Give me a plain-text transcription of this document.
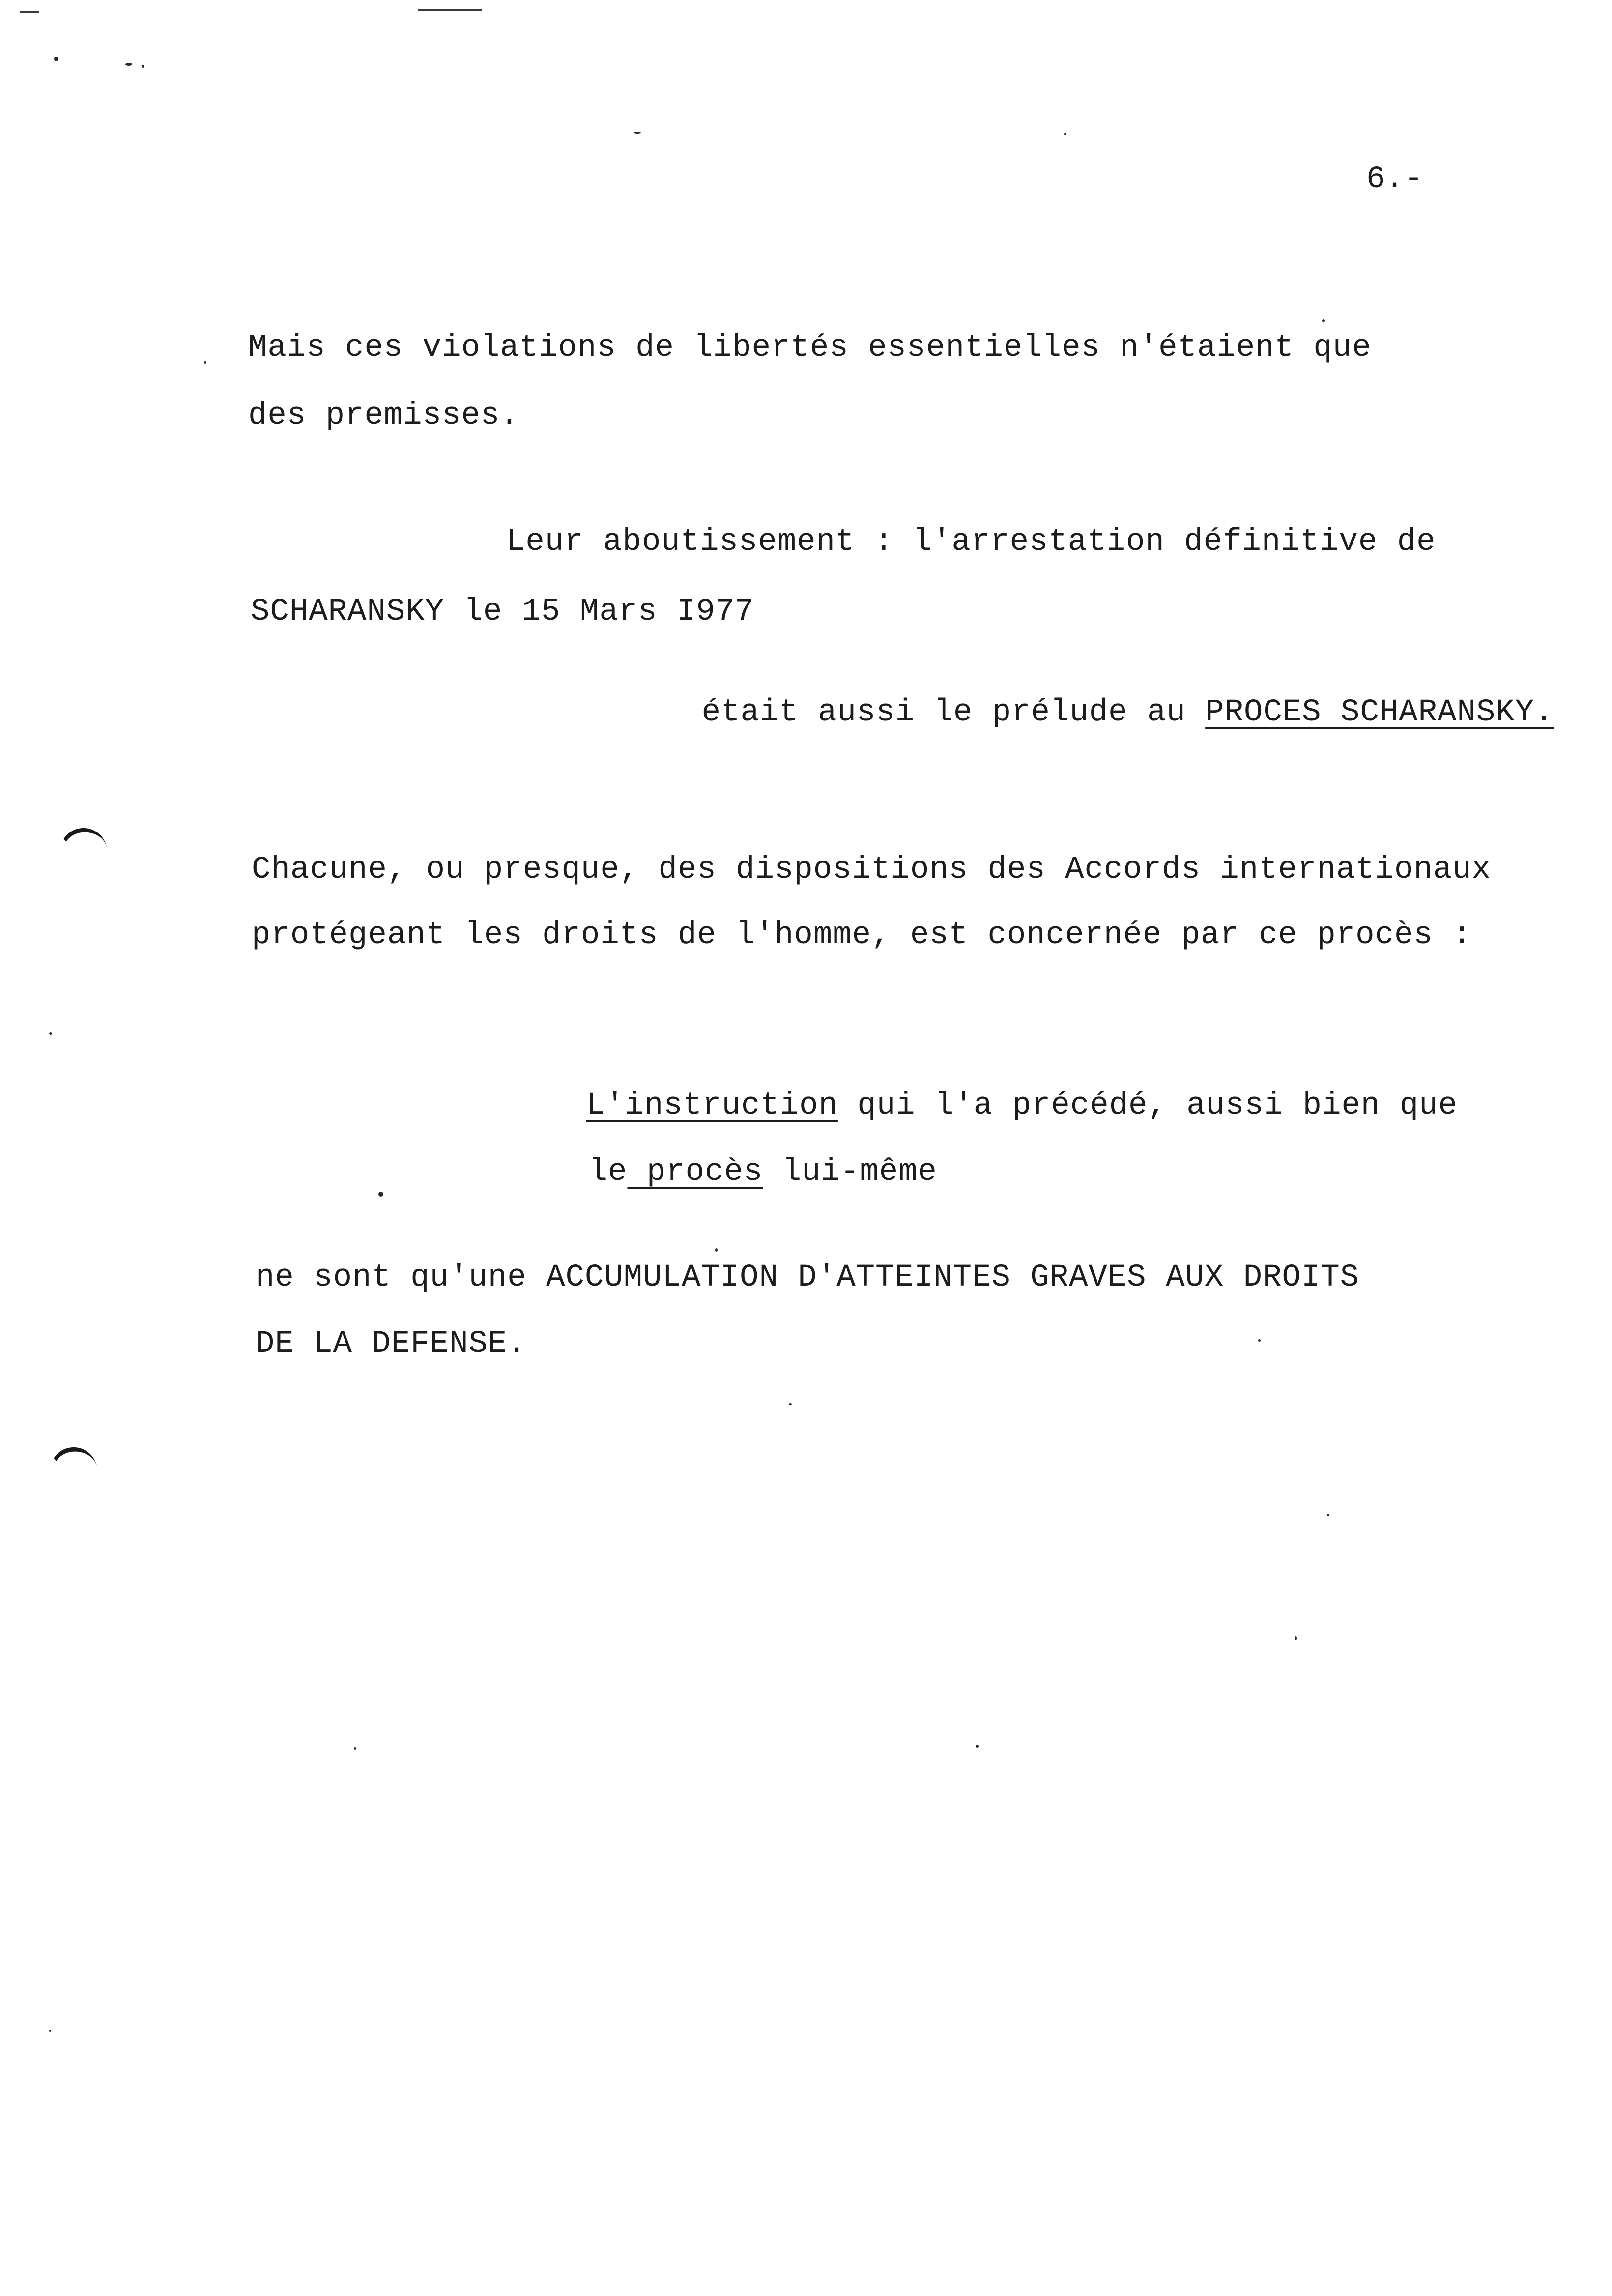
6.-
Mais ces violations de libertés essentielles n'étaient que
des premisses.
Leur aboutissement : l'arrestation définitive de
SCHARANSKY le 15 Mars I977

était aussi le prélude au PROCES SCHARANSKY.

Chacune, ou presque, des dispositions des Accords internationaux
protégeant les droits de l'homme, est concernée par ce procès :

L'instruction qui l'a précédé, aussi bien que

le procès lui-même

ne sont qu'une ACCUMULATION D'ATTEINTES GRAVES AUX DROITS
DE LA DEFENSE.
